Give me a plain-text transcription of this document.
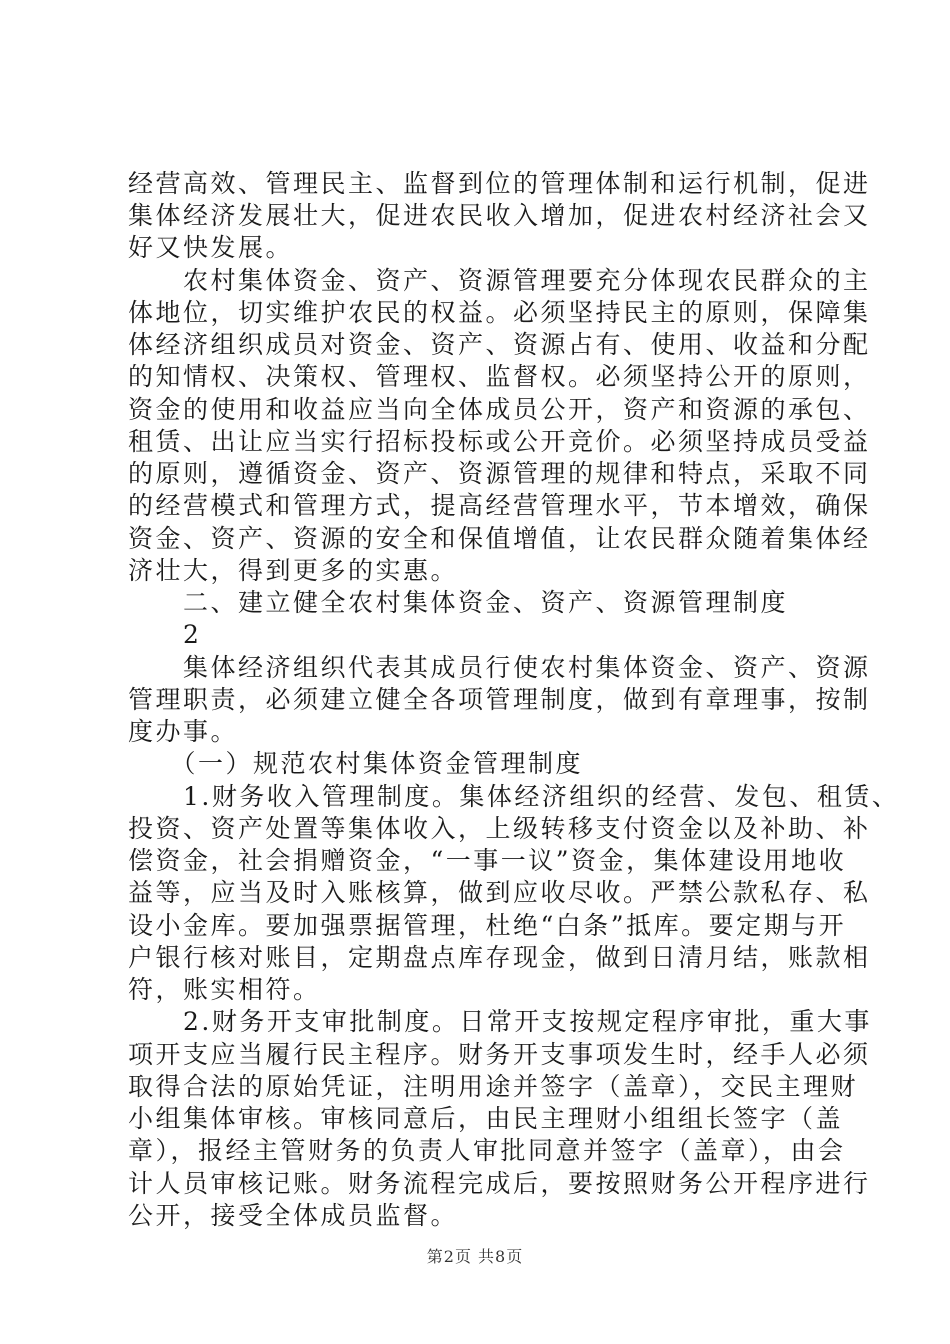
第2页 共8页
经营高效、管理民主、监督到位的管理体制和运行机制，促进
集体经济发展壮大，促进农民收入增加，促进农村经济社会又
好又快发展。
　　农村集体资金、资产、资源管理要充分体现农民群众的主
体地位，切实维护农民的权益。必须坚持民主的原则，保障集
体经济组织成员对资金、资产、资源占有、使用、收益和分配
的知情权、决策权、管理权、监督权。必须坚持公开的原则，
资金的使用和收益应当向全体成员公开，资产和资源的承包、
租赁、出让应当实行招标投标或公开竞价。必须坚持成员受益
的原则，遵循资金、资产、资源管理的规律和特点，采取不同
的经营模式和管理方式，提高经营管理水平，节本增效，确保
资金、资产、资源的安全和保值增值，让农民群众随着集体经
济壮大，得到更多的实惠。
　　二、建立健全农村集体资金、资产、资源管理制度
　　2
　　集体经济组织代表其成员行使农村集体资金、资产、资源
管理职责，必须建立健全各项管理制度，做到有章理事，按制
度办事。
　　（一）规范农村集体资金管理制度
　　1.财务收入管理制度。集体经济组织的经营、发包、租赁、
投资、资产处置等集体收入，上级转移支付资金以及补助、补
偿资金，社会捐赠资金，“一事一议”资金，集体建设用地收
益等，应当及时入账核算，做到应收尽收。严禁公款私存、私
设小金库。要加强票据管理，杜绝“白条”抵库。要定期与开
户银行核对账目，定期盘点库存现金，做到日清月结，账款相
符，账实相符。
　　2.财务开支审批制度。日常开支按规定程序审批，重大事
项开支应当履行民主程序。财务开支事项发生时，经手人必须
取得合法的原始凭证，注明用途并签字（盖章），交民主理财
小组集体审核。审核同意后，由民主理财小组组长签字（盖
章），报经主管财务的负责人审批同意并签字（盖章），由会
计人员审核记账。财务流程完成后，要按照财务公开程序进行
公开，接受全体成员监督。
